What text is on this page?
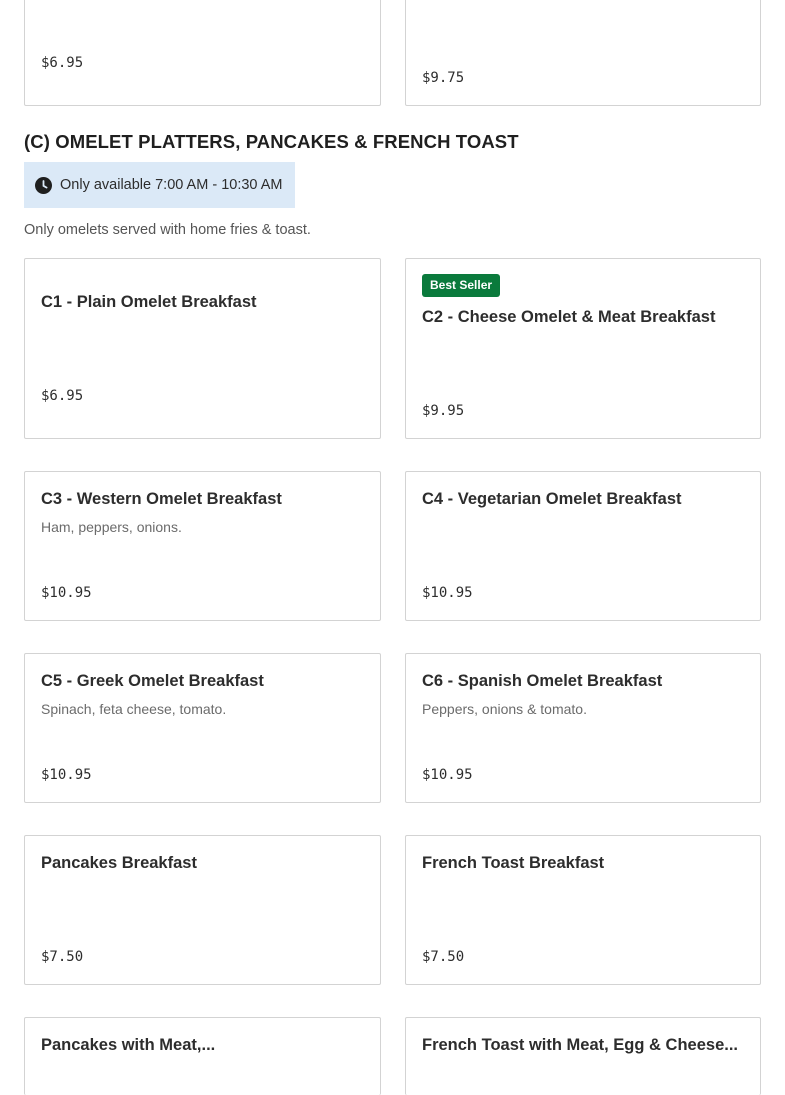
$6.95
$9.75
(C) OMELET PLATTERS, PANCAKES & FRENCH TOAST
Only available 7:00 AM - 10:30 AM

Only omelets served with home fries & toast.

C1 - Plain Omelet Breakfast
$6.95
Best Seller
C2 - Cheese Omelet & Meat Breakfast
$9.95
C3 - Western Omelet Breakfast
Ham, peppers, onions.
$10.95
C4 - Vegetarian Omelet Breakfast
$10.95
C5 - Greek Omelet Breakfast
Spinach, feta cheese, tomato.
$10.95
C6 - Spanish Omelet Breakfast
Peppers, onions & tomato.
$10.95
Pancakes Breakfast
$7.50
French Toast Breakfast
$7.50
Pancakes with Meat,...	French Toast with Meat, Egg & Cheese...
